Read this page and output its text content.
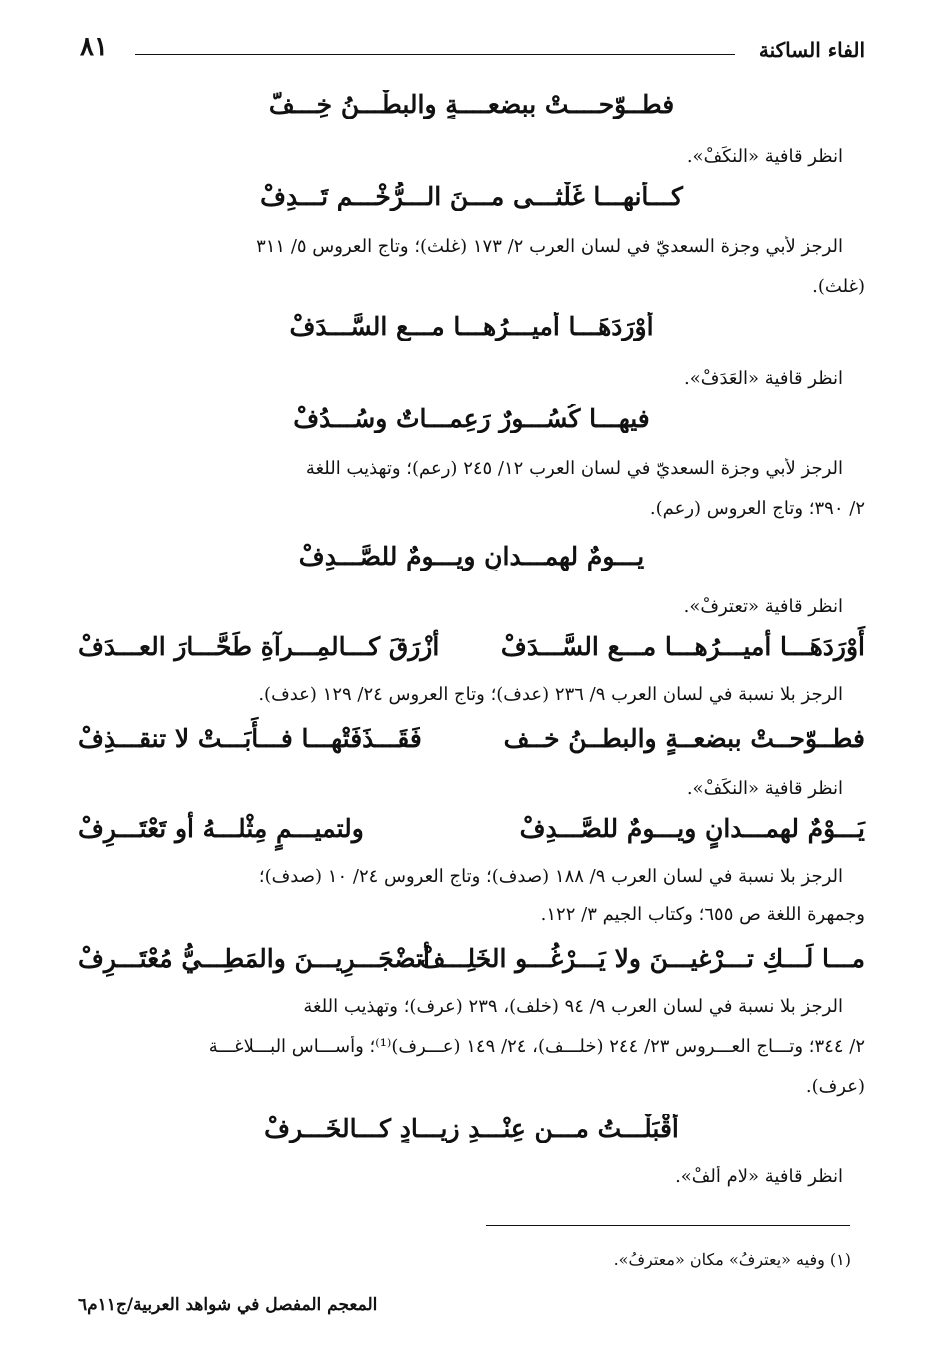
الفاء الساكنة
٨١
فطــوّحــــتْ ببضعــــةٍ والبطْـــنُ خِـــفّ
انظر قافية «النكَفْ».
كـــأنهـــا غَلْثـــى مـــنَ الـــرُّخْـــمِ تَـــدِفْ
الرجز لأبي وجزة السعديّ في لسان العرب ٢/ ١٧٣ (غلث)؛ وتاج العروس ٥/ ٣١١
(غلث).
أَوْرَدَهَـــا أميـــرُهـــا مـــع السَّـــدَفْ
انظر قافية «العَدَفْ».
فيهـــا كُسُـــورٌ رَعِمـــاتٌ وسُـــدُفْ
الرجز لأبي وجزة السعديّ في لسان العرب ١٢/ ٢٤٥ (رعم)؛ وتهذيب اللغة
٢/ ٣٩٠؛ وتاج العروس (رعم).
يـــومٌ لهمـــدانٍ ويـــومٌ للصَّـــدِفْ
انظر قافية «تعترفْ».
أَوْرَدَهَـــا أميـــرُهـــا مـــع السَّـــدَفْ
أزْرَقَ كـــالمِـــرآةِ طَحَّـــارَ العـــدَفْ
الرجز بلا نسبة في لسان العرب ٩/ ٢٣٦ (عدف)؛ وتاج العروس ٢٤/ ١٢٩ (عدف).
فطــوّحــتْ ببضعــةٍ والبطــنُ خــف
فَقَـــذَفَتْهـــا فـــأَبَـــتْ لا تنقـــذِفْ
انظر قافية «النكَفْ».
يَـــوْمٌ لهمـــدانٍ ويـــومٌ للصَّـــدِفْ
ولتميـــمٍ مِثْلـــهُ أو تَعْتَـــرِفْ
الرجز بلا نسبة في لسان العرب ٩/ ١٨٨ (صدف)؛ وتاج العروس ٢٤/ ١٠ (صدف)؛
وجمهرة اللغة ص ٦٥٥؛ وكتاب الجيم ٣/ ١٢٢.
مـــا لَـــكِ تـــرْغيـــنَ ولا يَـــرْغُـــو الخَلِـــفْ
أتضْجَـــرِيـــنَ والمَطِـــيُّ مُعْتَـــرِفْ
الرجز بلا نسبة في لسان العرب ٩/ ٩٤ (خلف)، ٢٣٩ (عرف)؛ وتهذيب اللغة
٢/ ٣٤٤؛ وتـــاج العـــروس ٢٣/ ٢٤٤ (خلـــف)، ٢٤/ ١٤٩ (عـــرف)⁽¹⁾؛ وأســـاس البـــلاغـــة
(عرف).
أَقْبَلْـــتُ مـــن عِنْـــدِ زِيـــادٍ كـــالخَـــرِفْ
انظر قافية «لام ألفْ».
(١) وفيه «يعترفُ» مكان «معترفُ».
المعجم المفصل في شواهد العربية/ج١١م٦
